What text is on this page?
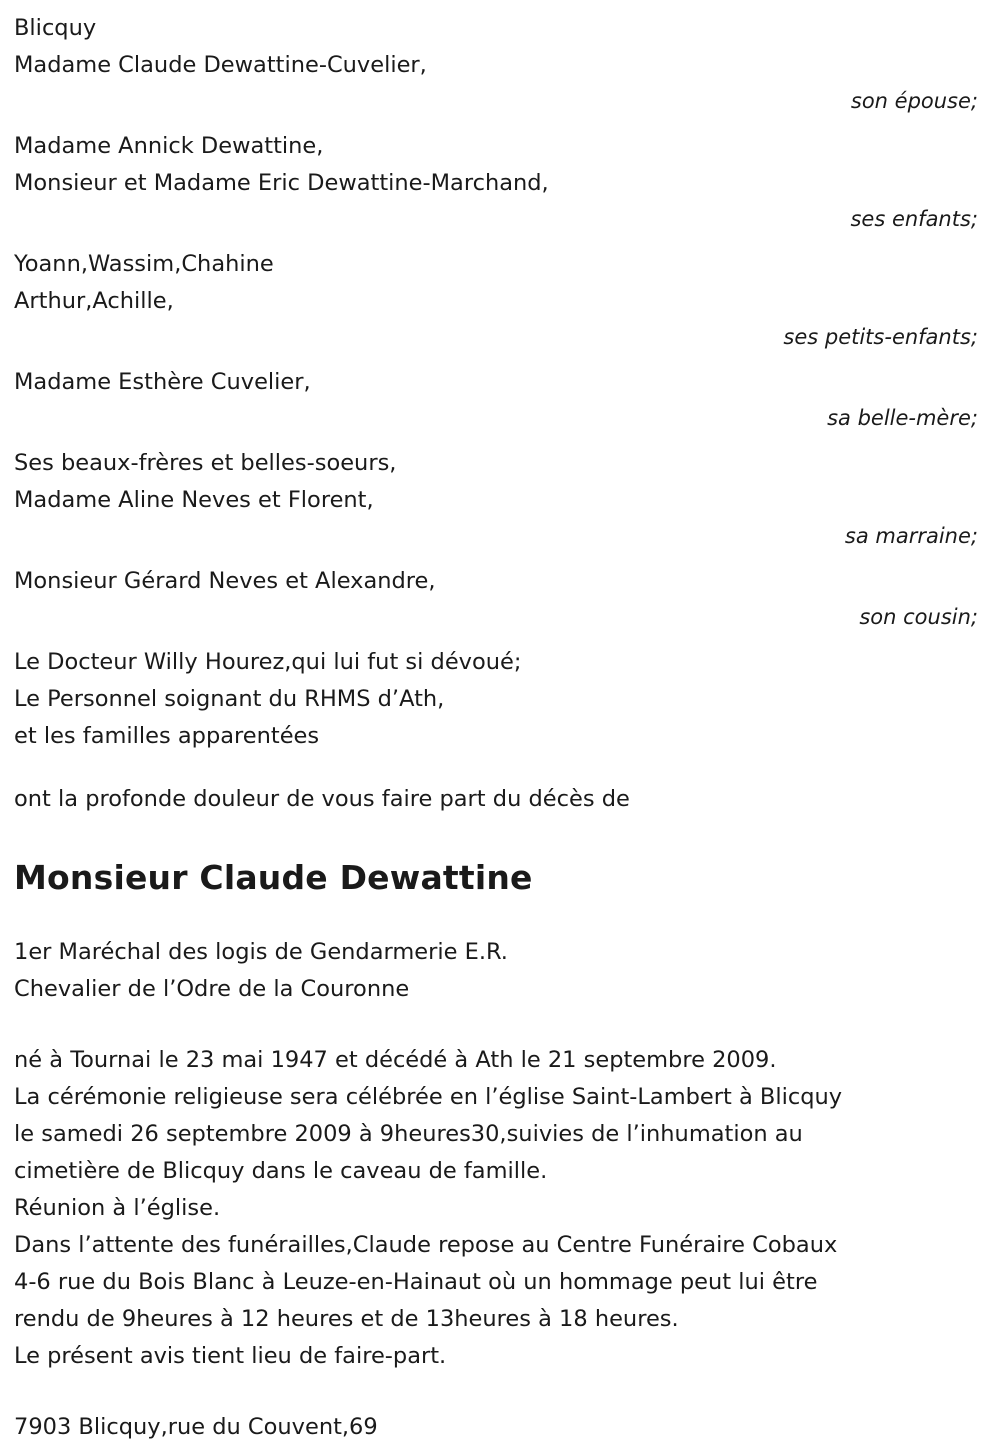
Blicquy
Madame Claude Dewattine-Cuvelier,
son épouse;
Madame Annick Dewattine,
Monsieur et Madame Eric Dewattine-Marchand,
ses enfants;
Yoann,Wassim,Chahine
Arthur,Achille,
ses petits-enfants;
Madame Esthère Cuvelier,
sa belle-mère;
Ses beaux-frères et belles-soeurs,
Madame Aline Neves et Florent,
sa marraine;
Monsieur Gérard Neves et Alexandre,
son cousin;
Le Docteur Willy Hourez,qui lui fut si dévoué;
Le Personnel soignant du RHMS d’Ath,
et les familles apparentées
ont la profonde douleur de vous faire part du décès de
Monsieur Claude Dewattine
1er Maréchal des logis de Gendarmerie E.R.
Chevalier de l’Odre de la Couronne
né à Tournai le 23 mai 1947 et décédé à Ath le 21 septembre 2009.
La cérémonie religieuse sera célébrée en l’église Saint-Lambert à Blicquy
le samedi 26 septembre 2009 à 9heures30,suivies de l’inhumation au
cimetière de Blicquy dans le caveau de famille.
Réunion à l’église.
Dans l’attente des funérailles,Claude repose au Centre Funéraire Cobaux
4-6 rue du Bois Blanc à Leuze-en-Hainaut où un hommage peut lui être
rendu de 9heures à 12 heures et de 13heures à 18 heures.
Le présent avis tient lieu de faire-part.
7903 Blicquy,rue du Couvent,69
